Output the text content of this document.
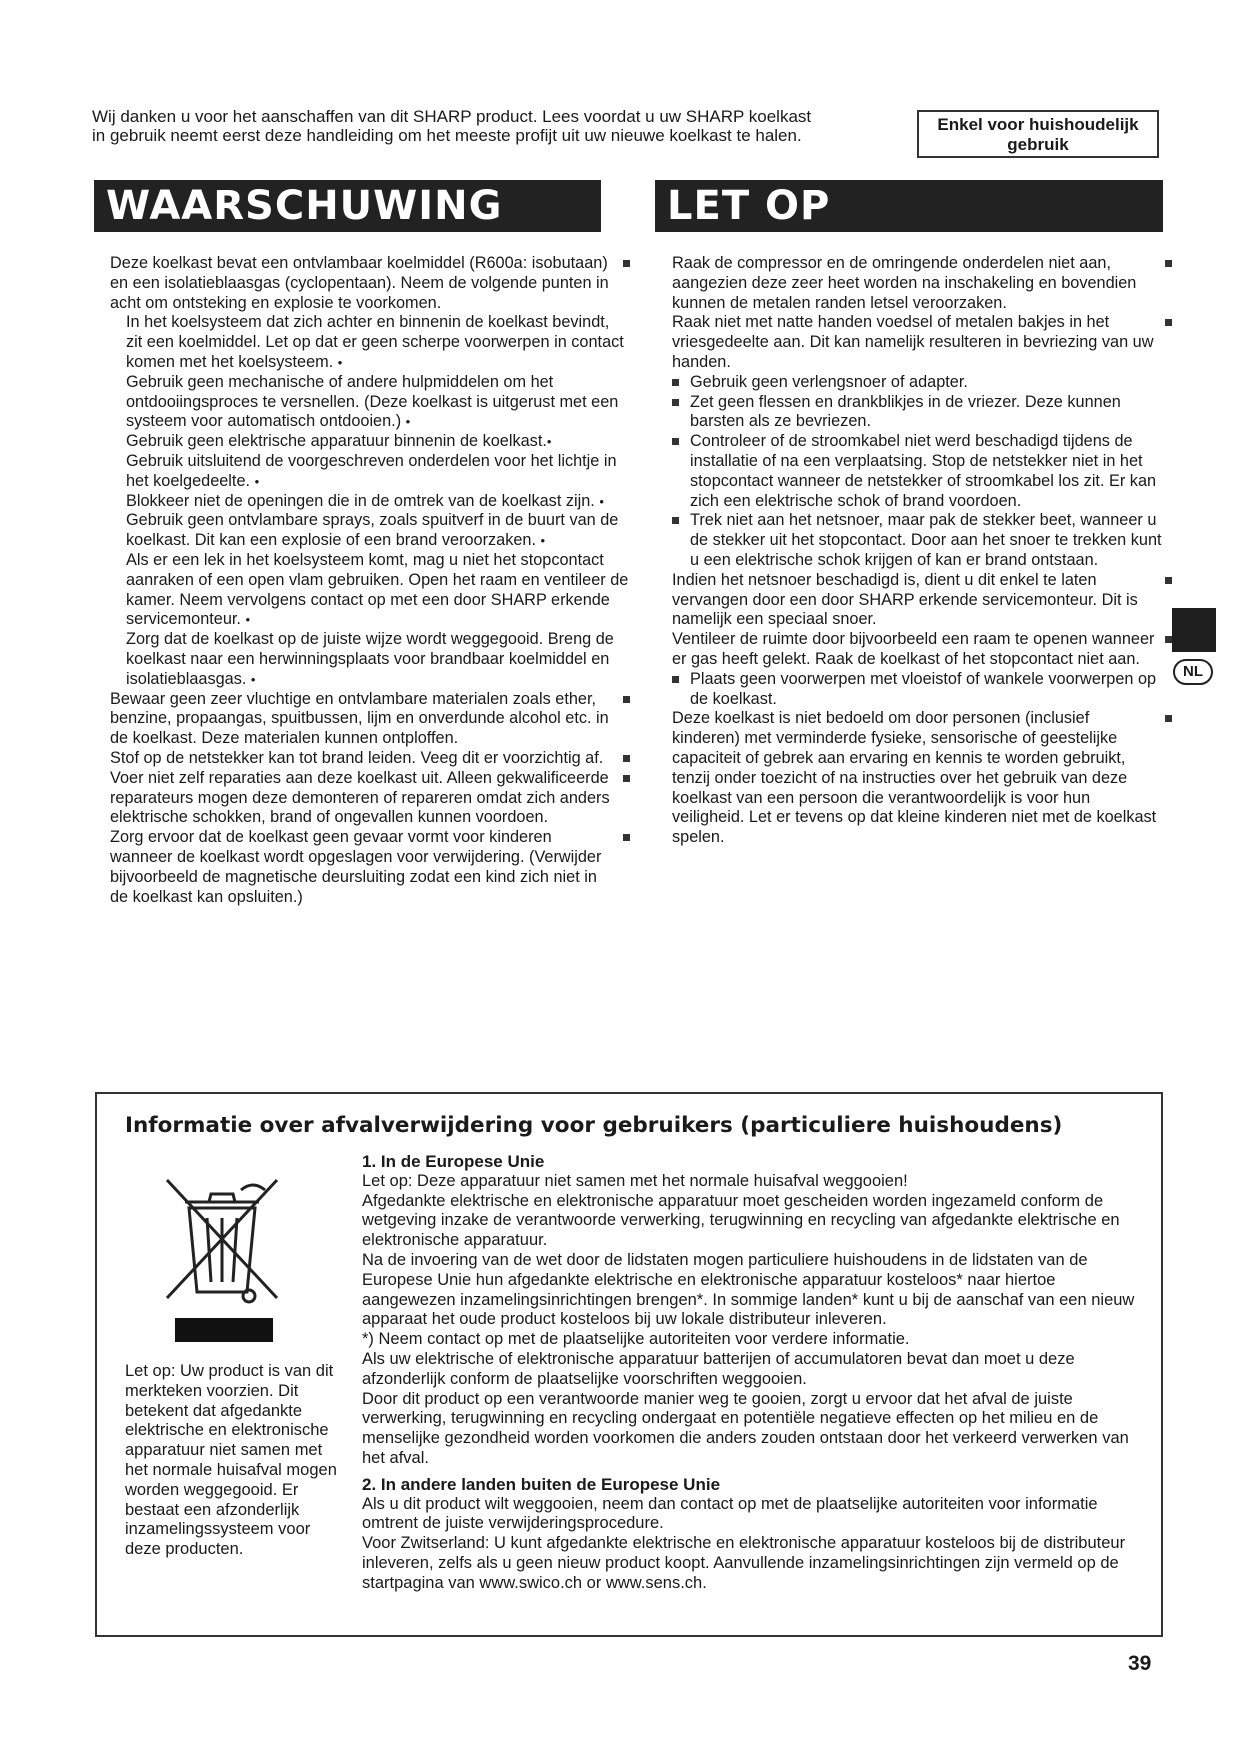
Wij danken u voor het aanschaffen van dit SHARP product. Lees voordat u uw SHARP koelkast
in gebruik neemt eerst deze handleiding om het meeste profijt uit uw nieuwe koelkast te halen.
Enkel voor huishoudelijk
gebruik
WAARSCHUWING	LET OP

Deze koelkast bevat een ontvlambaar koelmiddel (R600a: isobutaan) en een isolatieblaasgas (cyclopentaan). Neem de volgende punten in acht om ontsteking en explosie te voorkomen.

In het koelsysteem dat zich achter en binnenin de koelkast bevindt, zit een koelmiddel. Let op dat er geen scherpe voorwerpen in contact komen met het koelsysteem. •

Gebruik geen mechanische of andere hulpmiddelen om het ontdooiingsproces te versnellen. (Deze koelkast is uitgerust met een systeem voor automatisch ontdooien.) •

Gebruik geen elektrische apparatuur binnenin de koelkast.•

Gebruik uitsluitend de voorgeschreven onderdelen voor het lichtje in het koelgedeelte. •

Blokkeer niet de openingen die in de omtrek van de koelkast zijn. •

Gebruik geen ontvlambare sprays, zoals spuitverf in de buurt van de koelkast. Dit kan een explosie of een brand veroorzaken. •

Als er een lek in het koelsysteem komt, mag u niet het stopcontact aanraken of een open vlam gebruiken. Open het raam en ventileer de kamer. Neem vervolgens contact op met een door SHARP erkende servicemonteur. •

Zorg dat de koelkast op de juiste wijze wordt weggegooid. Breng de koelkast naar een herwinningsplaats voor brandbaar koelmiddel en isolatieblaasgas. •

Bewaar geen zeer vluchtige en ontvlambare materialen zoals ether, benzine, propaangas, spuitbussen, lijm en onverdunde alcohol etc. in de koelkast. Deze materialen kunnen ontploffen.

Stof op de netstekker kan tot brand leiden. Veeg dit er voorzichtig af.

Voer niet zelf reparaties aan deze koelkast uit. Alleen gekwalificeerde reparateurs mogen deze demonteren of repareren omdat zich anders elektrische schokken, brand of ongevallen kunnen voordoen.

Zorg ervoor dat de koelkast geen gevaar vormt voor kinderen wanneer de koelkast wordt opgeslagen voor verwijdering. (Verwijder bijvoorbeeld de magnetische deursluiting zodat een kind zich niet in de koelkast kan opsluiten.)

Raak de compressor en de omringende onderdelen niet aan, aangezien deze zeer heet worden na inschakeling en bovendien kunnen de metalen randen letsel veroorzaken.

Raak niet met natte handen voedsel of metalen bakjes in het vriesgedeelte aan. Dit kan namelijk resulteren in bevriezing van uw handen.

Gebruik geen verlengsnoer of adapter.

Zet geen flessen en drankblikjes in de vriezer. Deze kunnen barsten als ze bevriezen.

Controleer of de stroomkabel niet werd beschadigd tijdens de installatie of na een verplaatsing. Stop de netstekker niet in het stopcontact wanneer de netstekker of stroomkabel los zit. Er kan zich een elektrische schok of brand voordoen.

Trek niet aan het netsnoer, maar pak de stekker beet, wanneer u de stekker uit het stopcontact. Door aan het snoer te trekken kunt u een elektrische schok krijgen of kan er brand ontstaan.

Indien het netsnoer beschadigd is, dient u dit enkel te laten vervangen door een door SHARP erkende servicemonteur. Dit is namelijk een speciaal snoer.

Ventileer de ruimte door bijvoorbeeld een raam te openen wanneer er gas heeft gelekt. Raak de koelkast of het stopcontact niet aan.

Plaats geen voorwerpen met vloeistof of wankele voorwerpen op de koelkast.

Deze koelkast is niet bedoeld om door personen (inclusief kinderen) met verminderde fysieke, sensorische of geestelijke capaciteit of gebrek aan ervaring en kennis te worden gebruikt, tenzij onder toezicht of na instructies over het gebruik van deze koelkast van een persoon die verantwoordelijk is voor hun veiligheid. Let er tevens op dat kleine kinderen niet met de koelkast spelen.

NL
Informatie over afvalverwijdering voor gebruikers (particuliere huishoudens)
Let op: Uw product is van dit merkteken voorzien. Dit betekent dat afgedankte elektrische en elektronische apparatuur niet samen met het normale huisafval mogen worden weggegooid. Er bestaat een afzonderlijk inzamelingssysteem voor deze producten.
1. In de Europese Unie
Let op: Deze apparatuur niet samen met het normale huisafval weggooien!
Afgedankte elektrische en elektronische apparatuur moet gescheiden worden ingezameld conform de wetgeving inzake de verantwoorde verwerking, terugwinning en recycling van afgedankte elektrische en elektronische apparatuur.
Na de invoering van de wet door de lidstaten mogen particuliere huishoudens in de lidstaten van de Europese Unie hun afgedankte elektrische en elektronische apparatuur kosteloos* naar hiertoe aangewezen inzamelingsinrichtingen brengen*. In sommige landen* kunt u bij de aanschaf van een nieuw apparaat het oude product kosteloos bij uw lokale distributeur inleveren.
*) Neem contact op met de plaatselijke autoriteiten voor verdere informatie.
Als uw elektrische of elektronische apparatuur batterijen of accumulatoren bevat dan moet u deze afzonderlijk conform de plaatselijke voorschriften weggooien.
Door dit product op een verantwoorde manier weg te gooien, zorgt u ervoor dat het afval de juiste verwerking, terugwinning en recycling ondergaat en potentiële negatieve effecten op het milieu en de menselijke gezondheid worden voorkomen die anders zouden ontstaan door het verkeerd verwerken van het afval.
2. In andere landen buiten de Europese Unie
Als u dit product wilt weggooien, neem dan contact op met de plaatselijke autoriteiten voor informatie omtrent de juiste verwijderingsprocedure.
Voor Zwitserland: U kunt afgedankte elektrische en elektronische apparatuur kosteloos bij de distributeur inleveren, zelfs als u geen nieuw product koopt. Aanvullende inzamelingsinrichtingen zijn vermeld op de startpagina van www.swico.ch or www.sens.ch.
39
